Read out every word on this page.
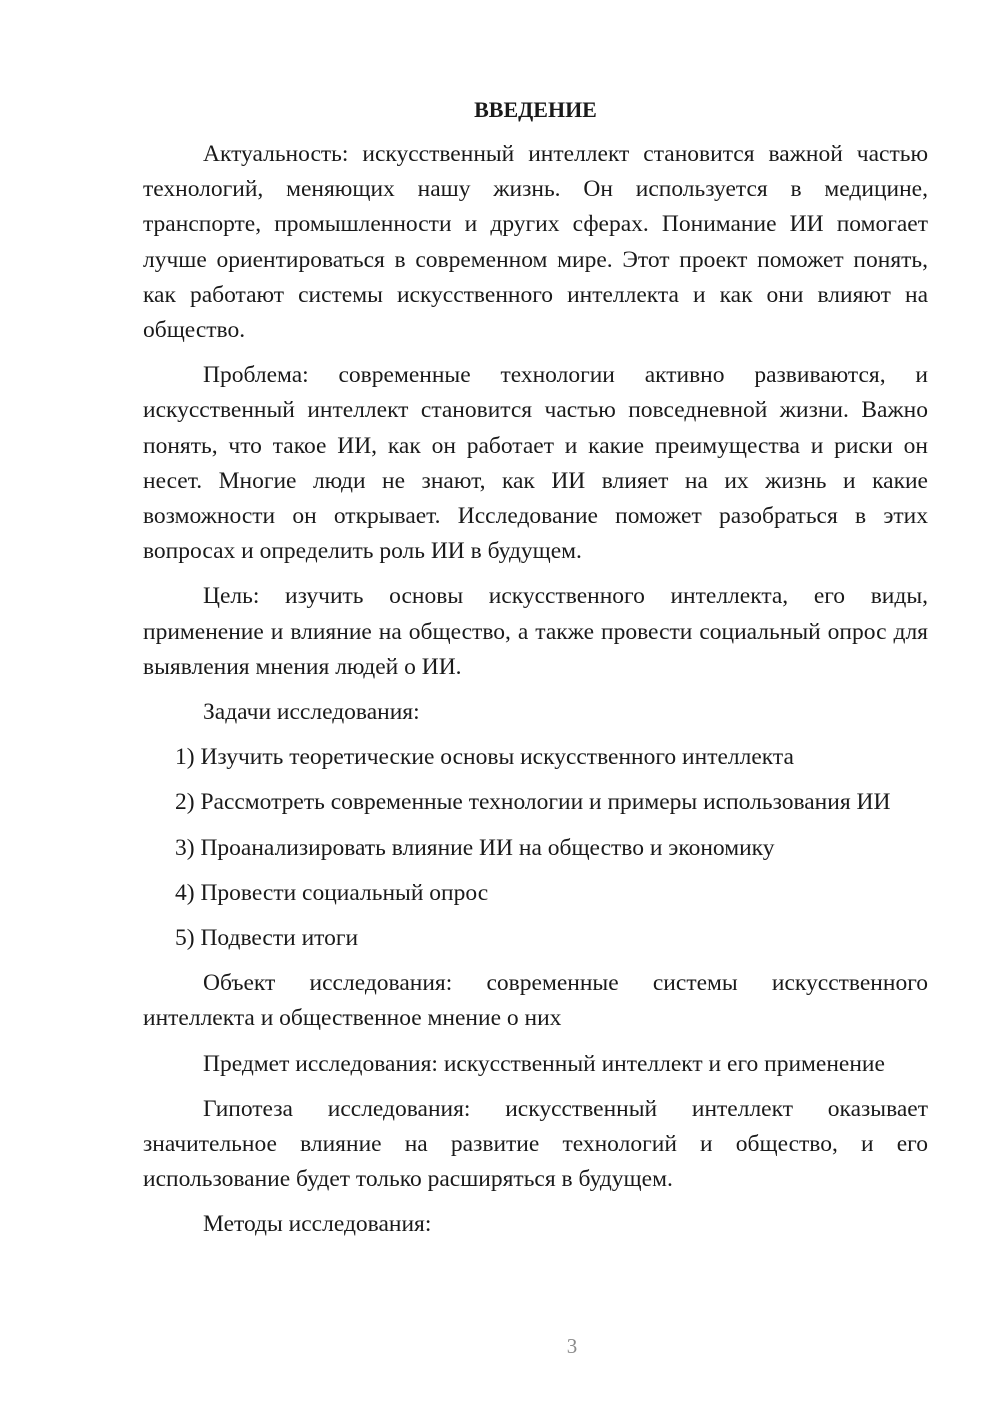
ВВЕДЕНИЕ

Актуальность: искусственный интеллект становится важной частью технологий, меняющих нашу жизнь. Он используется в медицине, транспорте, промышленности и других сферах. Понимание ИИ помогает лучше ориентироваться в современном мире. Этот проект поможет понять, как работают системы искусственного интеллекта и как они влияют на общество.

Проблема: современные технологии активно развиваются, и искусственный интеллект становится частью повседневной жизни. Важно понять, что такое ИИ, как он работает и какие преимущества и риски он несет. Многие люди не знают, как ИИ влияет на их жизнь и какие возможности он открывает. Исследование поможет разобраться в этих вопросах и определить роль ИИ в будущем.

Цель: изучить основы искусственного интеллекта, его виды, применение и влияние на общество, а также провести социальный опрос для выявления мнения людей о ИИ.

Задачи исследования:

1) Изучить теоретические основы искусственного интеллекта

2) Рассмотреть современные технологии и примеры использования ИИ

3) Проанализировать влияние ИИ на общество и экономику

4) Провести социальный опрос

5) Подвести итоги

Объект исследования: современные системы искусственного интеллекта и общественное мнение о них

Предмет исследования: искусственный интеллект и его применение

Гипотеза исследования: искусственный интеллект оказывает значительное влияние на развитие технологий и общество, и его использование будет только расширяться в будущем.

Методы исследования:

3
